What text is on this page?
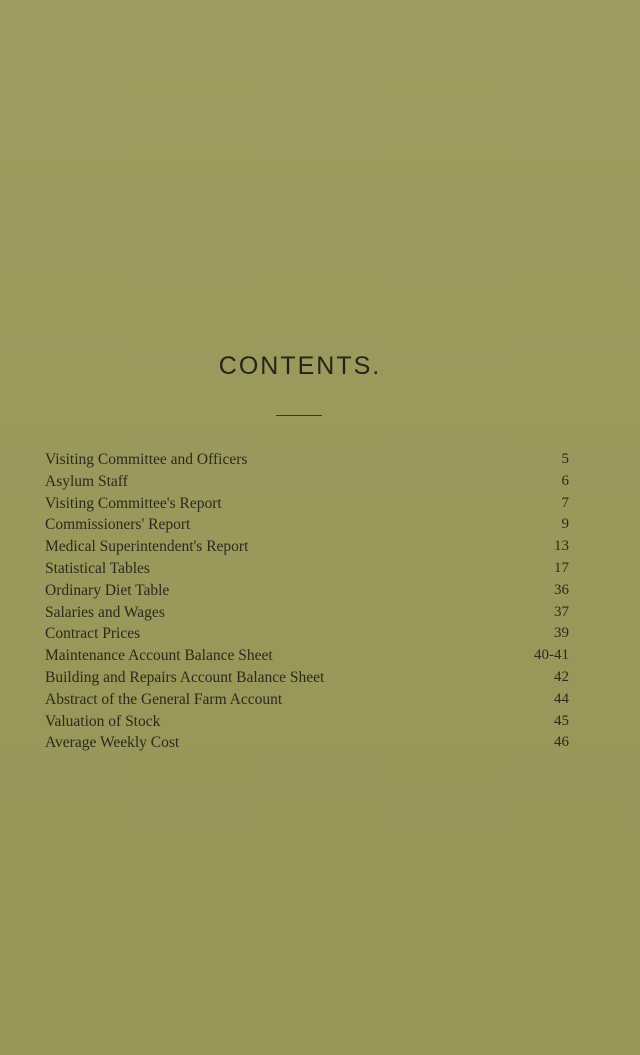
CONTENTS.
Visiting Committee and Officers	5
Asylum Staff	6
Visiting Committee's Report	7
Commissioners' Report	9
Medical Superintendent's Report	13
Statistical Tables	17
Ordinary Diet Table	36
Salaries and Wages	37
Contract Prices	39
Maintenance Account Balance Sheet	40-41
Building and Repairs Account Balance Sheet	42
Abstract of the General Farm Account	44
Valuation of Stock	45
Average Weekly Cost	46
